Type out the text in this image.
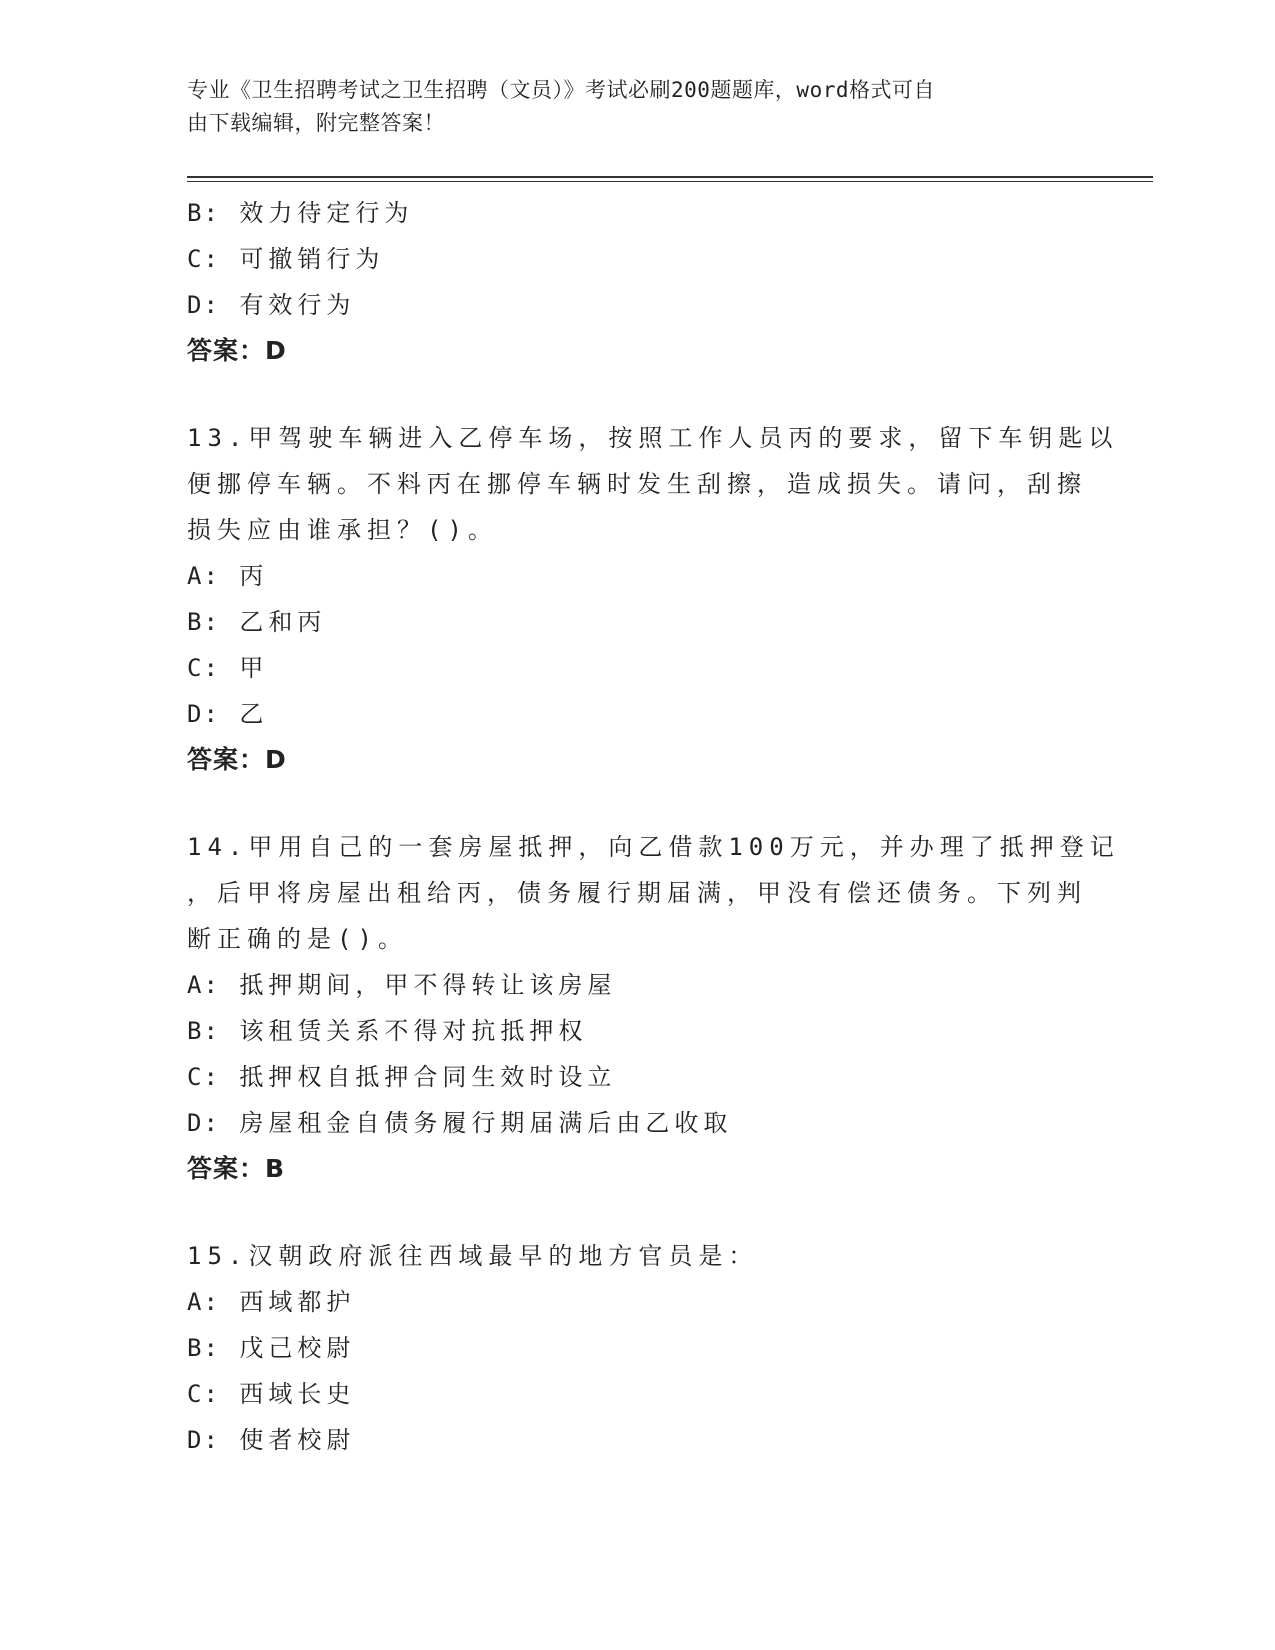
专业《卫生招聘考试之卫生招聘（文员）》考试必刷200题题库，word格式可自
由下载编辑，附完整答案！
B: 效力待定行为
C: 可撤销行为
D: 有效行为
答案：D
13.甲驾驶车辆进入乙停车场，按照工作人员丙的要求，留下车钥匙以
便挪停车辆。不料丙在挪停车辆时发生刮擦，造成损失。请问，刮擦
损失应由谁承担？()。
A: 丙
B: 乙和丙
C: 甲
D: 乙
答案：D
14.甲用自己的一套房屋抵押，向乙借款100万元，并办理了抵押登记
，后甲将房屋出租给丙，债务履行期届满，甲没有偿还债务。下列判
断正确的是()。
A: 抵押期间，甲不得转让该房屋
B: 该租赁关系不得对抗抵押权
C: 抵押权自抵押合同生效时设立
D: 房屋租金自债务履行期届满后由乙收取
答案：B
15.汉朝政府派往西域最早的地方官员是：
A: 西域都护
B: 戊己校尉
C: 西域长史
D: 使者校尉
